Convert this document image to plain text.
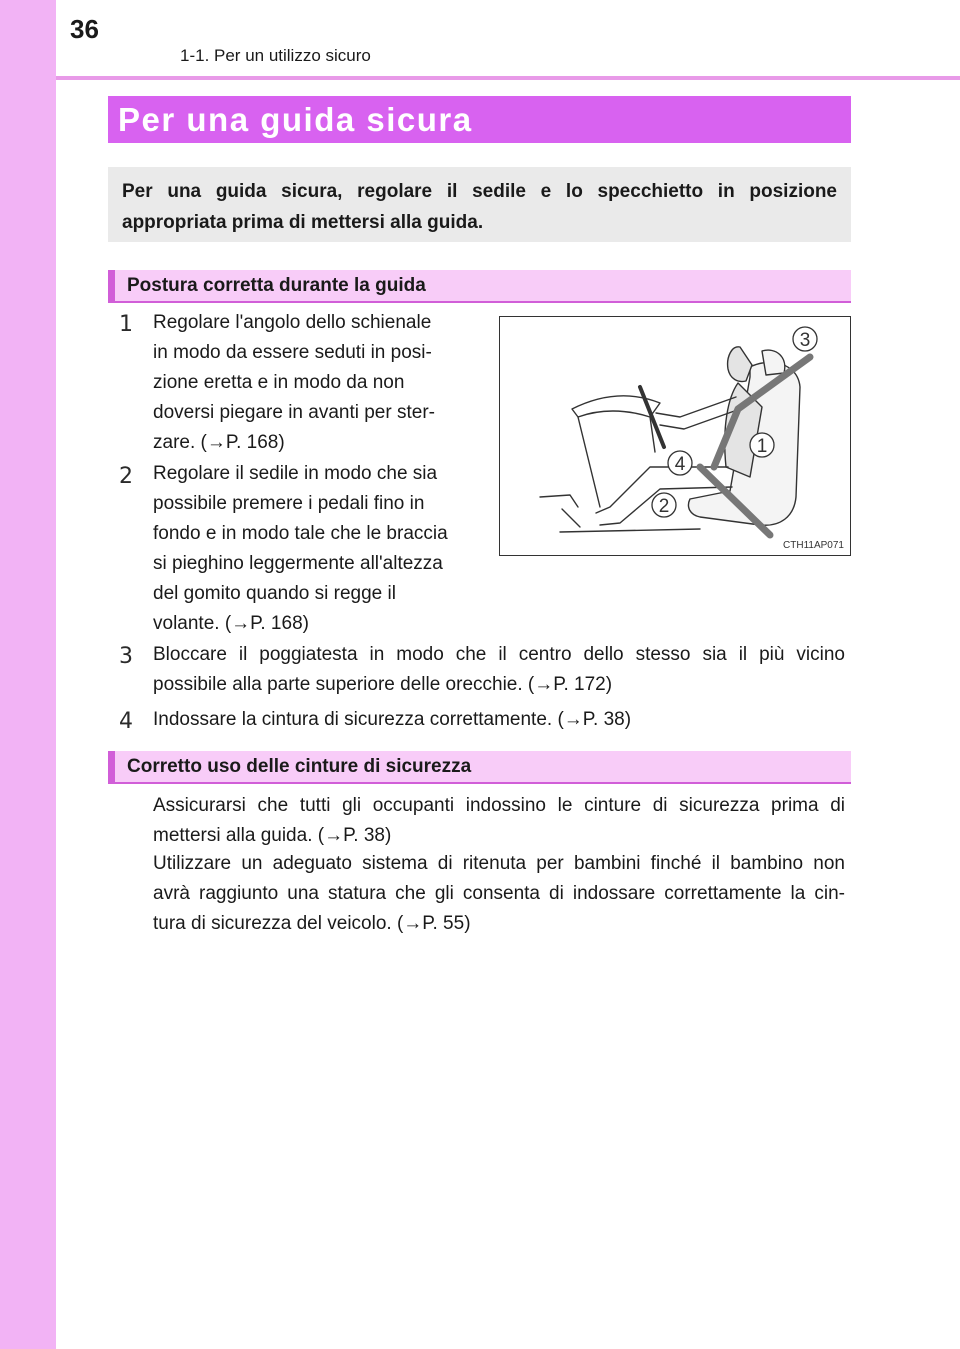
36
1-1. Per un utilizzo sicuro
Per una guida sicura

Per una guida sicura, regolare il sedile e lo specchietto in posizione appropriata prima di mettersi alla guida.

Postura corretta durante la guida
1 Regolare l'angolo dello schienale
in modo da essere seduti in posi-
zione eretta e in modo da non
doversi piegare in avanti per ster-
zare. (→P. 168)

2 Regolare il sedile in modo che sia
possibile premere i pedali fino in
fondo e in modo tale che le braccia
si pieghino leggermente all'altezza
del gomito quando si regge il
volante. (→P. 168)

3
1
4
2
CTH11AP071
3 Bloccare il poggiatesta in modo che il centro dello stesso sia il più vicino
possibile alla parte superiore delle orecchie. (→P. 172)

4 Indossare la cintura di sicurezza correttamente. (→P. 38)

Corretto uso delle cinture di sicurezza

Assicurarsi che tutti gli occupanti indossino le cinture di sicurezza prima di
mettersi alla guida. (→P. 38)

Utilizzare un adeguato sistema di ritenuta per bambini finché il bambino non
avrà raggiunto una statura che gli consenta di indossare correttamente la cin-
tura di sicurezza del veicolo. (→P. 55)
